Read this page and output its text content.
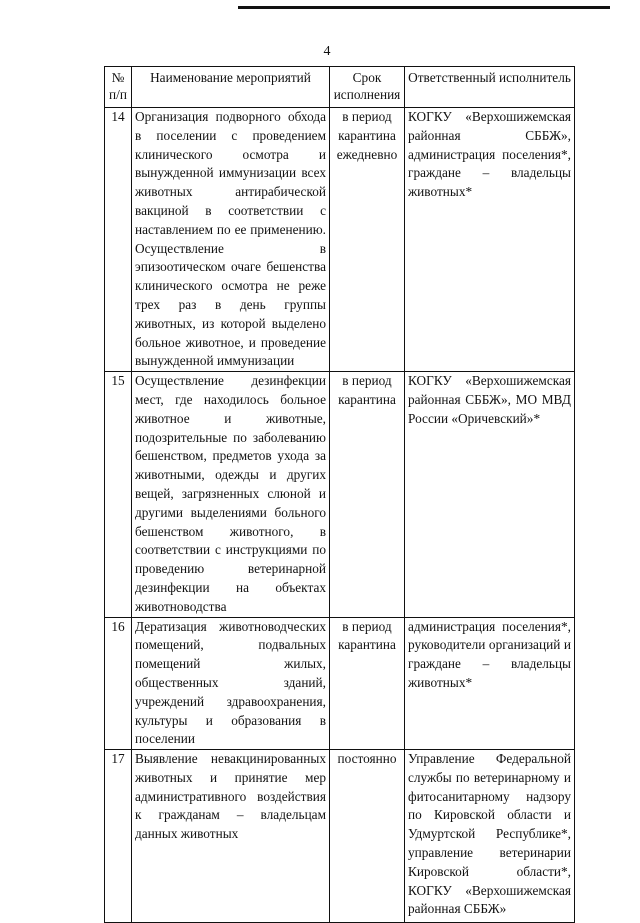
4
№ п/п	Наименование мероприятий	Срок исполнения	Ответственный исполнитель
14	Организация подворного обхода в поселении с проведением клинического осмотра и вынужденной иммунизации всех животных антирабической вакциной в соответствии с наставлением по ее применению. Осуществление в эпизоотическом очаге бешенства клинического осмотра не реже трех раз в день группы животных, из которой выделено больное животное, и проведение вынужденной иммунизации	в период карантина ежедневно	КОГКУ «Верхошижемская районная СББЖ», администрация поселения*, граждане – владельцы животных*
15	Осуществление дезинфекции мест, где находилось больное животное и животные, подозрительные по заболеванию бешенством, предметов ухода за животными, одежды и других вещей, загрязненных слюной и другими выделениями больного бешенством животного, в соответствии с инструкциями по проведению ветеринарной дезинфекции на объектах животноводства	в период карантина	КОГКУ «Верхошижемская районная СББЖ», МО МВД России «Оричевский»*
16	Дератизация животноводческих помещений, подвальных помещений жилых, общественных зданий, учреждений здравоохранения, культуры и образования в поселении	в период карантина	администрация поселения*, руководители организаций и граждане – владельцы животных*
17	Выявление невакцинированных животных и принятие мер административного воздействия к гражданам – владельцам данных животных	постоянно	Управление Федеральной службы по ветеринарному и фитосанитарному надзору по Кировской области и Удмуртской Республике*, управление ветеринарии Кировской области*, КОГКУ «Верхошижемская районная СББЖ»
